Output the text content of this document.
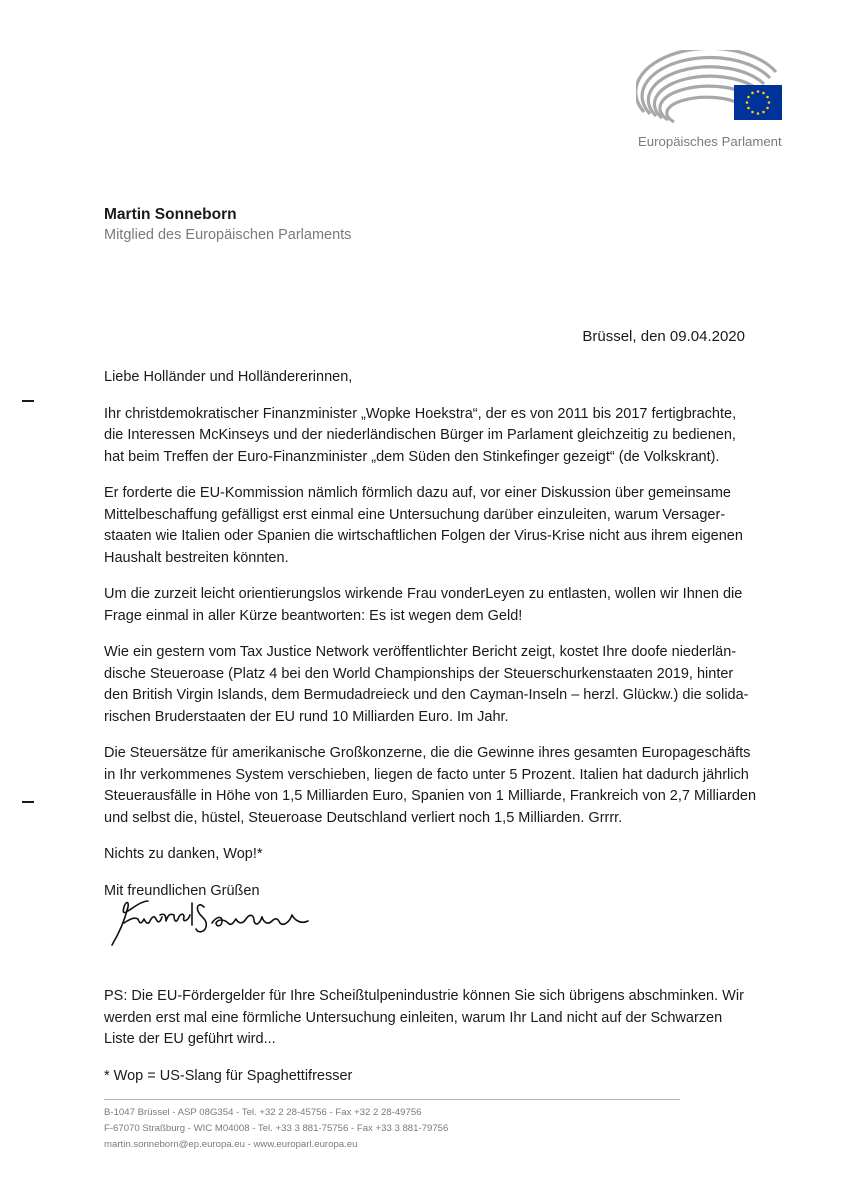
Europäisches Parlament
Martin Sonneborn
Mitglied des Europäischen Parlaments
Brüssel, den 09.04.2020

Liebe Holländer und Holländererinnen,

Ihr christdemokratischer Finanzminister „Wopke Hoekstra“, der es von 2011 bis 2017 fertigbrachte,
die Interessen McKinseys und der niederländischen Bürger im Parlament gleichzeitig zu bedienen,
hat beim Treffen der Euro-Finanzminister „dem Süden den Stinkefinger gezeigt“ (de Volkskrant).

Er forderte die EU-Kommission nämlich förmlich dazu auf, vor einer Diskussion über gemeinsame
Mittelbeschaffung gefälligst erst einmal eine Untersuchung darüber einzuleiten, warum Versager-
staaten wie Italien oder Spanien die wirtschaftlichen Folgen der Virus-Krise nicht aus ihrem eigenen
Haushalt bestreiten könnten.

Um die zurzeit leicht orientierungslos wirkende Frau vonderLeyen zu entlasten, wollen wir Ihnen die
Frage einmal in aller Kürze beantworten: Es ist wegen dem Geld!

Wie ein gestern vom Tax Justice Network veröffentlichter Bericht zeigt, kostet Ihre doofe niederlän-
dische Steueroase (Platz 4 bei den World Championships der Steuerschurkenstaaten 2019, hinter
den British Virgin Islands, dem Bermudadreieck und den Cayman-Inseln – herzl. Glückw.) die solida-
rischen Bruderstaaten der EU rund 10 Milliarden Euro. Im Jahr.

Die Steuersätze für amerikanische Großkonzerne, die die Gewinne ihres gesamten Europageschäfts
in Ihr verkommenes System verschieben, liegen de facto unter 5 Prozent. Italien hat dadurch jährlich
Steuerausfälle in Höhe von 1,5 Milliarden Euro, Spanien von 1 Milliarde, Frankreich von 2,7 Milliarden
und selbst die, hüstel, Steueroase Deutschland verliert noch 1,5 Milliarden. Grrrr.

Nichts zu danken, Wop!*

Mit freundlichen Grüßen

PS: Die EU-Fördergelder für Ihre Scheißtulpenindustrie können Sie sich übrigens abschminken. Wir
werden erst mal eine förmliche Untersuchung einleiten, warum Ihr Land nicht auf der Schwarzen
Liste der EU geführt wird...

* Wop = US-Slang für Spaghettifresser

B-1047 Brüssel - ASP 08G354 - Tel. +32 2 28-45756 - Fax +32 2 28-49756
F-67070 Straßburg - WIC M04008 - Tel. +33 3 881-75756 - Fax +33 3 881-79756
martin.sonneborn@ep.europa.eu - www.europarl.europa.eu
